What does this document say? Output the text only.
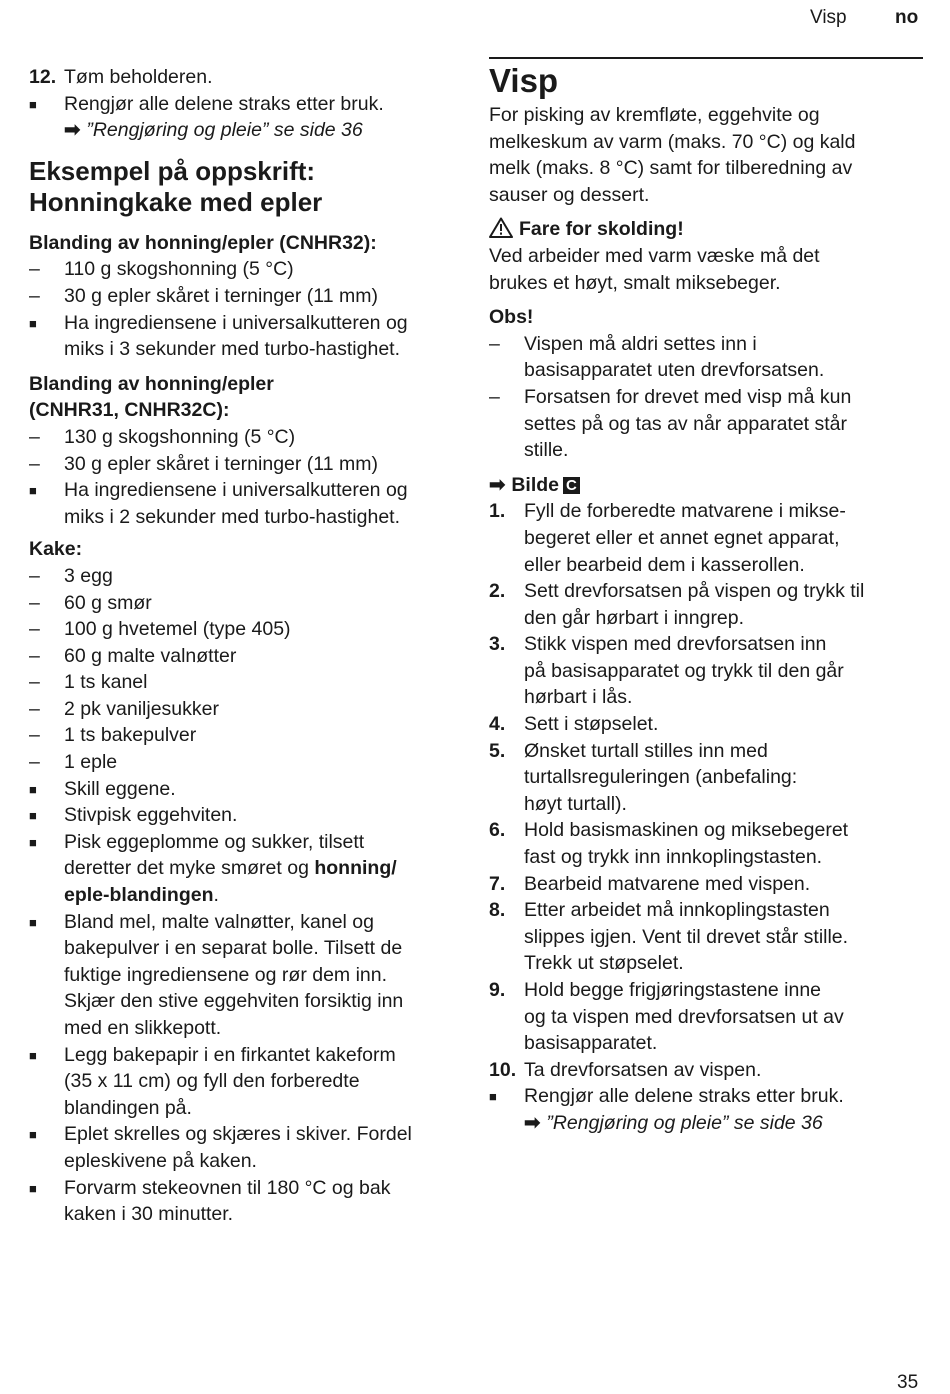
Visp	no
12. Tøm beholderen.
■ Rengjør alle delene straks etter bruk.
➡ ”Rengjøring og pleie” se side 36
Eksempel på oppskrift:
Honningkake med epler
Blanding av honning/epler (CNHR32):
– 110 g skogshonning (5 °C)
– 30 g epler skåret i terninger (11 mm)
■ Ha ingrediensene i universalkutteren og
miks i 3 sekunder med turbo-hastighet.
Blanding av honning/epler
(CNHR31, CNHR32C):
– 130 g skogshonning (5 °C)
– 30 g epler skåret i terninger (11 mm)
■ Ha ingrediensene i universalkutteren og
miks i 2 sekunder med turbo-hastighet.
Kake:
– 3 egg
– 60 g smør
– 100 g hvetemel (type 405)
– 60 g malte valnøtter
– 1 ts kanel
– 2 pk vaniljesukker
– 1 ts bakepulver
– 1 eple
■ Skill eggene.
■ Stivpisk eggehviten.
■ Pisk eggeplomme og sukker, tilsett
deretter det myke smøret og honning/
eple-blandingen.
■ Bland mel, malte valnøtter, kanel og
bakepulver i en separat bolle. Tilsett de
fuktige ingrediensene og rør dem inn.
Skjær den stive eggehviten forsiktig inn
med en slikkepott.
■ Legg bakepapir i en firkantet kakeform
(35 x 11 cm) og fyll den forberedte
blandingen på.
■ Eplet skrelles og skjæres i skiver. Fordel
epleskivene på kaken.
■ Forvarm stekeovnen til 180 °C og bak
kaken i 30 minutter.
Visp
For pisking av kremfløte, eggehvite og
melkeskum av varm (maks. 70 °C) og kald
melk (maks. 8 °C) samt for tilberedning av
sauser og dessert.
Fare for skolding!
Ved arbeider med varm væske må det
brukes et høyt, smalt miksebeger.
Obs!
– Vispen må aldri settes inn i
basisapparatet uten drevforsatsen.
– Forsatsen for drevet med visp må kun
settes på og tas av når apparatet står
stille.
➡ Bilde C
1. Fyll de forberedte matvarene i mikse-
begeret eller et annet egnet apparat,
eller bearbeid dem i kasserollen.
2. Sett drevforsatsen på vispen og trykk til
den går hørbart i inngrep.
3. Stikk vispen med drevforsatsen inn
på basisapparatet og trykk til den går
hørbart i lås.
4. Sett i støpselet.
5. Ønsket turtall stilles inn med
turtallsreguleringen (anbefaling:
høyt turtall).
6. Hold basismaskinen og miksebegeret
fast og trykk inn innkoplingstasten.
7. Bearbeid matvarene med vispen.
8. Etter arbeidet må innkoplingstasten
slippes igjen. Vent til drevet står stille.
Trekk ut støpselet.
9. Hold begge frigjøringstastene inne
og ta vispen med drevforsatsen ut av
basisapparatet.
10. Ta drevforsatsen av vispen.
■ Rengjør alle delene straks etter bruk.
➡ ”Rengjøring og pleie” se side 36
35
